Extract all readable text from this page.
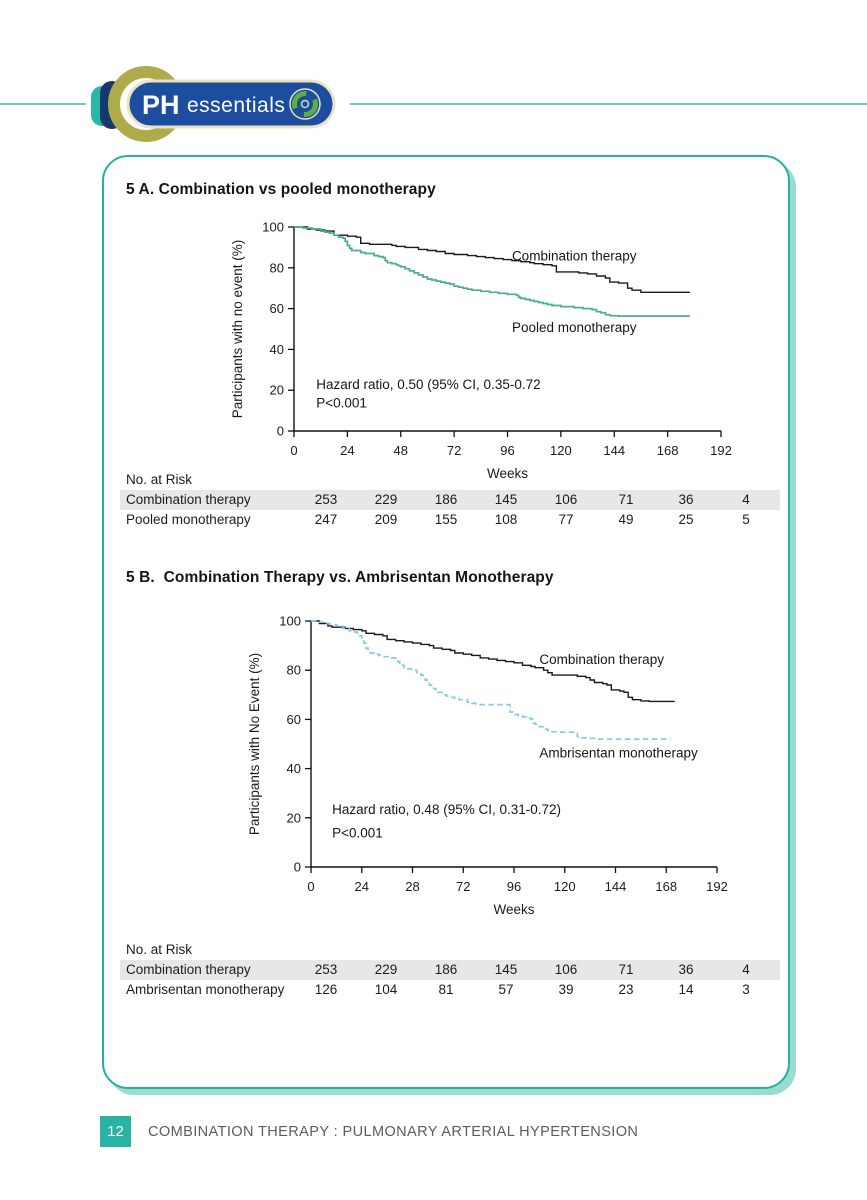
PH essentials
5 A. Combination vs pooled monotherapy
0
20
40
60
80
100
0	24	48	72	96	120 144 168 192
Weeks
Participants with no event (%)	Combination therapy
Pooled monotherapy
Hazard ratio, 0.50 (95% CI, 0.35-0.72
P<0.001
No. at Risk
Combination therapy	253	229	186	145	106	71	36	4
Pooled monotherapy	247	209	155	108	77	49	25	5
5 B.  Combination Therapy vs. Ambrisentan Monotherapy
0
20
40
60
80
100
0	24	28	72	96	120 144 168 192
Weeks
Participants with No Event (%)	Combination therapy
Ambrisentan monotherapy
Hazard ratio, 0.48 (95% CI, 0.31-0.72)
P<0.001
No. at Risk
Combination therapy	253	229	186	145	106	71	36	4
Ambrisentan monotherapy	126	104	81	57	39	23	14	3
12	COMBINATION THERAPY : PULMONARY ARTERIAL HYPERTENSION
